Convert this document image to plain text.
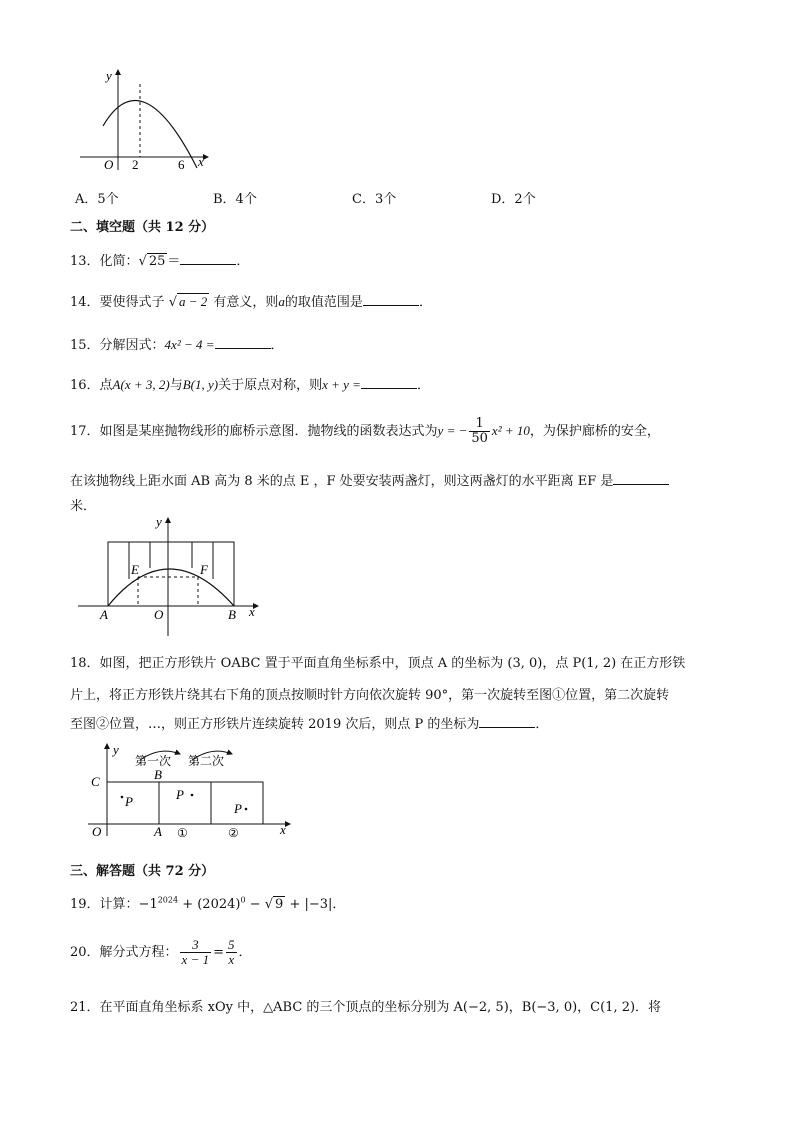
y
O 2	6 x
A．5个	B．4个	C．3个	D．2个
二、填空题（共 12 分）
13．化简：√ 25 ＝	．
14．要使得式子 √ a − 2 有意义，则a的取值范围是	．
15．分解因式：4x² − 4 =	．
16．点A(x + 3, 2)与B(1, y)关于原点对称，则x + y =	．
17．如图是某座抛物线形的廊桥示意图．抛物线的函数表达式为y = − $\frac{1}{50} x^2 + 10$，为保护廊桥的安全，
在该抛物线上距水面 AB 高为 8 米的点 E ，F 处要安装两盏灯，则这两盏灯的水平距离 EF 是
米．
y
E	F
A	O	B x
18．如图，把正方形铁片 OABC 置于平面直角坐标系中，顶点 A 的坐标为 (3, 0)，点 P(1, 2) 在正方形铁
片上，将正方形铁片绕其右下角的顶点按顺时针方向依次旋转 90°，第一次旋转至图①位置，第二次旋转
至图②位置，…，则正方形铁片连续旋转 2019 次后，则点 P 的坐标为	．
第一次 第二次
y
C	B
O	A
P	P
P
①	②	x
三、解答题（共 72 分）
19．计算：$-1^{2024} + (2024)^0$ − √ 9 + |−3|．
20．解分式方程： $\frac{3}{x - 1} = \frac{5}{x}$ ．
21．在平面直角坐标系 xOy 中，△ABC 的三个顶点的坐标分别为 A(−2, 5)，B(−3, 0)，C(1, 2)．将
